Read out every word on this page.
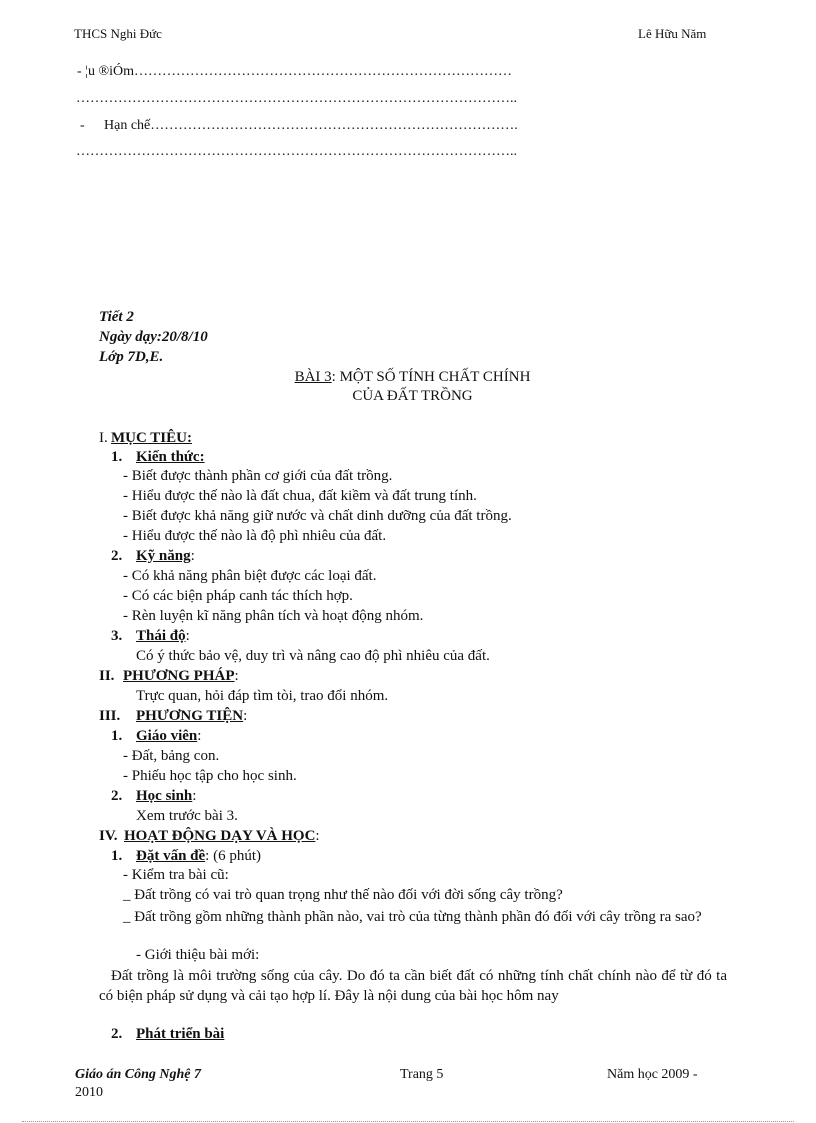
THCS Nghi Đức	Lê Hữu Năm
- ¦u ®iÓm………………………………………………………………………
…………………………………………………………………………………..
- Hạn chế…………………………………………………………………….
…………………………………………………………………………………..
Tiết 2
Ngày dạy:20/8/10
Lớp 7D,E.
BÀI 3: MỘT SỐ TÍNH CHẤT CHÍNH
CỦA ĐẤT TRỒNG
I. MỤC TIÊU:
1. Kiến thức:
- Biết được thành phần cơ giới của đất trồng.
- Hiểu được thế nào là đất chua, đất kiềm và đất trung tính.
- Biết được khả năng giữ nước và chất dinh dưỡng của đất trồng.
- Hiểu được thế nào là độ phì nhiêu của đất.
2. Kỹ năng:
- Có khả năng phân biệt được các loại đất.
- Có các biện pháp canh tác thích hợp.
- Rèn luyện kĩ năng phân tích và hoạt động nhóm.
3. Thái độ:
Có ý thức bảo vệ, duy trì và nâng cao độ phì nhiêu của đất.
II. PHƯƠNG PHÁP:
Trực quan, hỏi đáp tìm tòi, trao đổi nhóm.
III. PHƯƠNG TIỆN:
1. Giáo viên:
- Đất, bảng con.
- Phiếu học tập cho học sinh.
2. Học sinh:
Xem trước bài 3.
IV. HOẠT ĐỘNG DẠY VÀ HỌC:
1. Đặt vấn đề: (6 phút)
- Kiểm tra bài cũ:
_ Đất trồng có vai trò quan trọng như thế nào đối với đời sống cây trồng?
_ Đất trồng gồm những thành phần nào, vai trò của từng thành phần đó đối với cây trồng ra sao?
- Giới thiệu bài mới:
Đất trồng là môi trường sống của cây. Do đó ta cần biết đất có những tính chất chính nào để từ đó ta có biện pháp sử dụng và cải tạo hợp lí. Đây là nội dung của bài học hôm nay
2. Phát triển bài
Giáo án Công Nghệ 7	Trang 5	Năm học 2009 -
2010
